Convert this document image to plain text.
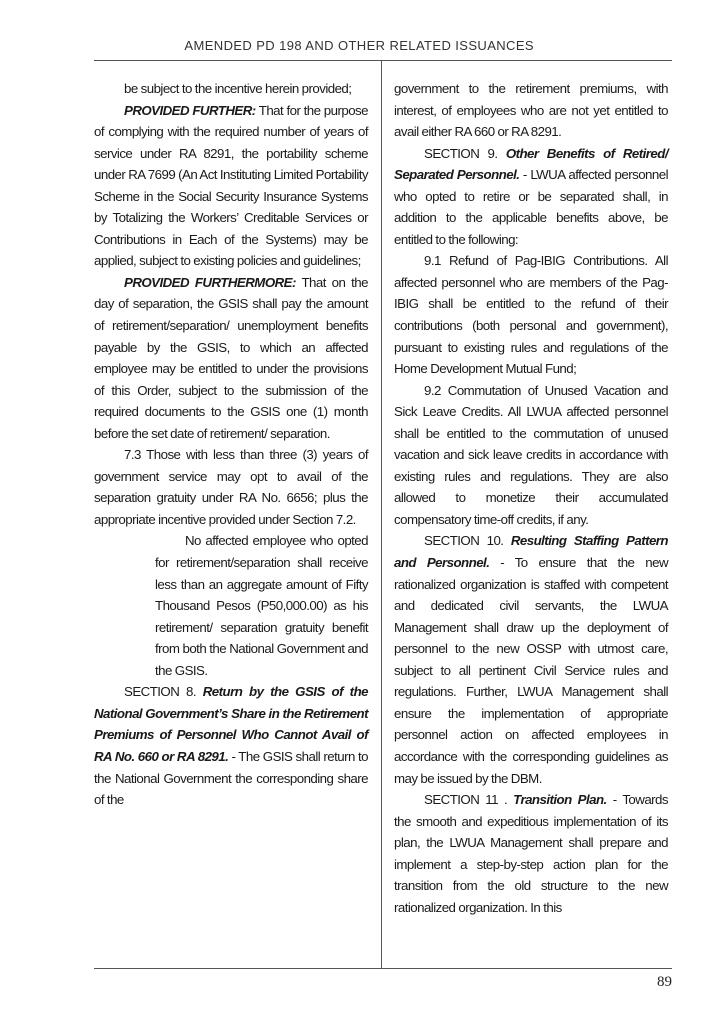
AMENDED PD 198 AND OTHER RELATED ISSUANCES

be subject to the incentive herein provided;

PROVIDED FURTHER: That for the purpose of complying with the required number of years of service under RA 8291, the portability scheme under RA 7699 (An Act Instituting Limited Portability Scheme in the Social Security Insurance Systems by Totalizing the Workers’ Creditable Services or Contributions in Each of the Systems) may be applied, subject to existing policies and guidelines;

PROVIDED FURTHERMORE: That on the day of separation, the GSIS shall pay the amount of retirement/separation/ unemployment benefits payable by the GSIS, to which an affected employee may be entitled to under the provisions of this Order, subject to the submission of the required documents to the GSIS one (1) month before the set date of retirement/ separation.

7.3 Those with less than three (3) years of government service may opt to avail of the separation gratuity under RA No. 6656; plus the appropriate incentive provided under Section 7.2.

No affected employee who opted for retirement/separation shall receive less than an aggregate amount of Fifty Thousand Pesos (P50,000.00) as his retirement/ separation gratuity benefit from both the National Government and the GSIS.

SECTION 8. Return by the GSIS of the National Government’s Share in the Retirement Premiums of Personnel Who Cannot Avail of RA No. 660 or RA 8291. - The GSIS shall return to the National Government the corresponding share of the

government to the retirement premiums, with interest, of employees who are not yet entitled to avail either RA 660 or RA 8291.

SECTION 9. Other Benefits of Retired/ Separated Personnel. - LWUA affected personnel who opted to retire or be separated shall, in addition to the applicable benefits above, be entitled to the following:

9.1 Refund of Pag-IBIG Contributions. All affected personnel who are members of the Pag-IBIG shall be entitled to the refund of their contributions (both personal and government), pursuant to existing rules and regulations of the Home Development Mutual Fund;

9.2 Commutation of Unused Vacation and Sick Leave Credits. All LWUA affected personnel shall be entitled to the commutation of unused vacation and sick leave credits in accordance with existing rules and regulations. They are also allowed to monetize their accumulated compensatory time-off credits, if any.

SECTION 10. Resulting Staffing Pattern and Personnel. - To ensure that the new rationalized organization is staffed with competent and dedicated civil servants, the LWUA Management shall draw up the deployment of personnel to the new OSSP with utmost care, subject to all pertinent Civil Service rules and regulations. Further, LWUA Management shall ensure the implementation of appropriate personnel action on affected employees in accordance with the corresponding guidelines as may be issued by the DBM.

SECTION 11 . Transition Plan. - Towards the smooth and expeditious implementation of its plan, the LWUA Management shall prepare and implement a step-by-step action plan for the transition from the old structure to the new rationalized organization. In this

89
